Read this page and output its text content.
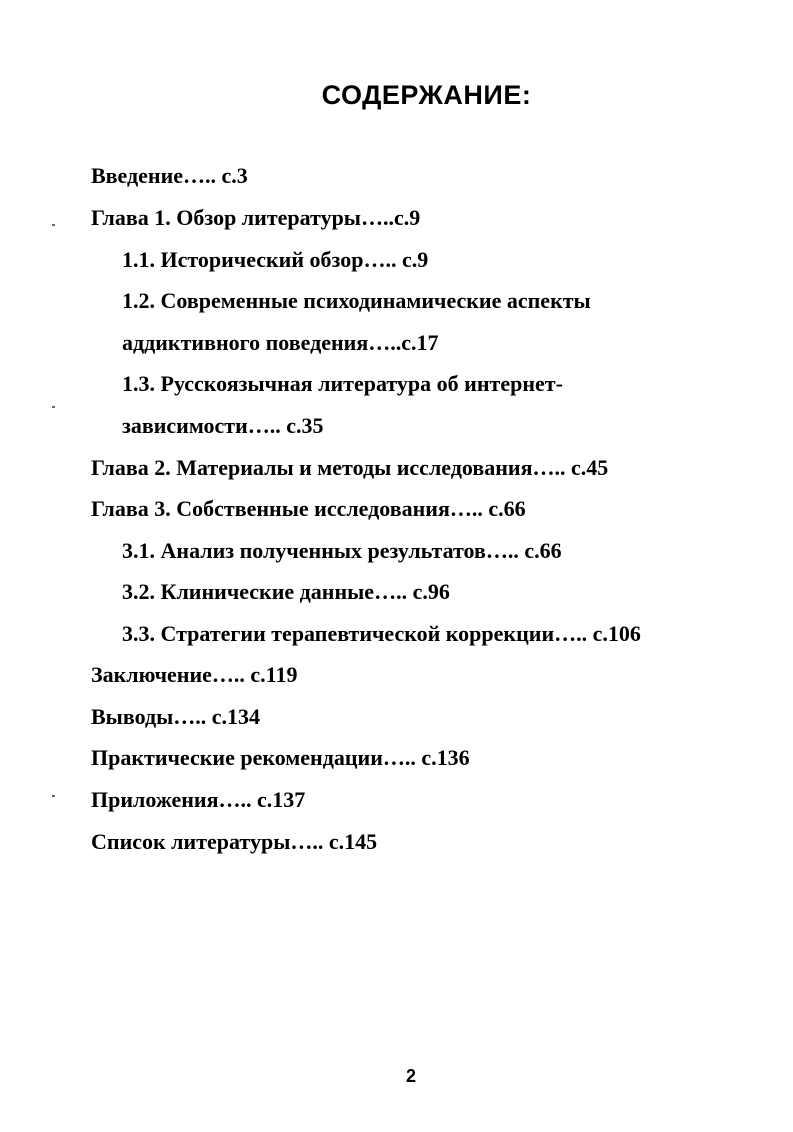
СОДЕРЖАНИЕ:
Введение….. с.3
Глава 1. Обзор литературы…..с.9
1.1. Исторический обзор….. с.9
1.2. Современные психодинамические аспекты
аддиктивного поведения…..с.17
1.3. Русскоязычная литература об интернет-
зависимости….. с.35
Глава 2. Материалы и методы исследования….. с.45
Глава 3. Собственные исследования….. с.66
3.1. Анализ полученных результатов….. с.66
3.2. Клинические данные….. с.96
3.3. Стратегии терапевтической коррекции….. с.106
Заключение….. с.119
Выводы….. с.134
Практические рекомендации….. с.136
Приложения….. с.137
Список литературы….. с.145
2
